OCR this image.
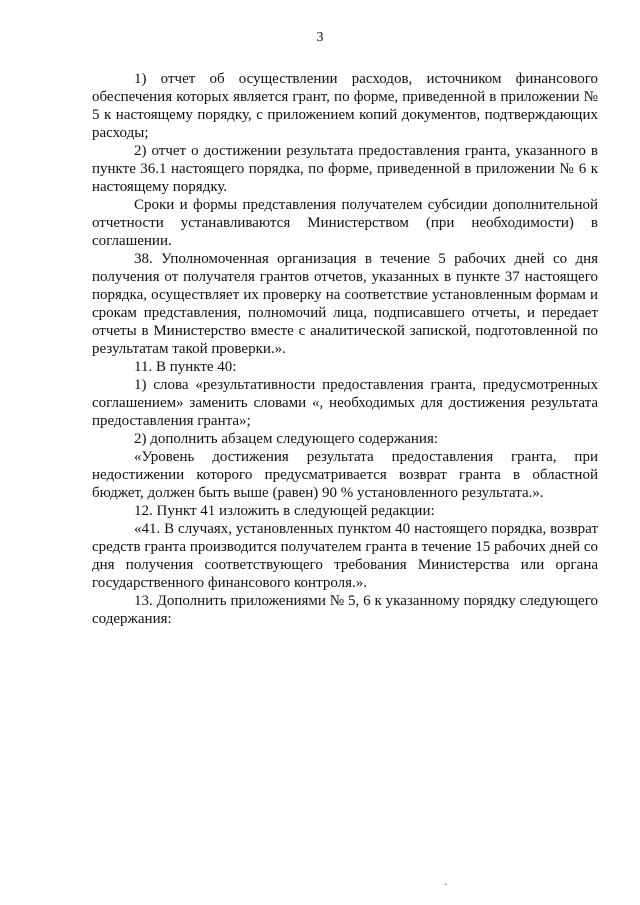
3

1) отчет об осуществлении расходов, источником финансового обеспечения которых является грант, по форме, приведенной в приложении № 5 к настоящему порядку, с приложением копий документов, подтверждающих расходы;

2) отчет о достижении результата предоставления гранта, указанного в пункте 36.1 настоящего порядка, по форме, приведенной в приложении № 6 к настоящему порядку.

Сроки и формы представления получателем субсидии дополнительной отчетности устанавливаются Министерством (при необходимости) в соглашении.

38. Уполномоченная организация в течение 5 рабочих дней со дня получения от получателя грантов отчетов, указанных в пункте 37 настоящего порядка, осуществляет их проверку на соответствие установленным формам и срокам представления, полномочий лица, подписавшего отчеты, и передает отчеты в Министерство вместе с аналитической запиской, подготовленной по результатам такой проверки.».

11. В пункте 40:

1) слова «результативности предоставления гранта, предусмотренных соглашением» заменить словами «, необходимых для достижения результата предоставления гранта»;

2) дополнить абзацем следующего содержания:

«Уровень достижения результата предоставления гранта, при недостижении которого предусматривается возврат гранта в областной бюджет, должен быть выше (равен) 90 % установленного результата.».

12. Пункт 41 изложить в следующей редакции:

«41. В случаях, установленных пунктом 40 настоящего порядка, возврат средств гранта производится получателем гранта в течение 15 рабочих дней со дня получения соответствующего требования Министерства или органа государственного финансового контроля.».

13. Дополнить приложениями № 5, 6 к указанному порядку следующего содержания:

·
